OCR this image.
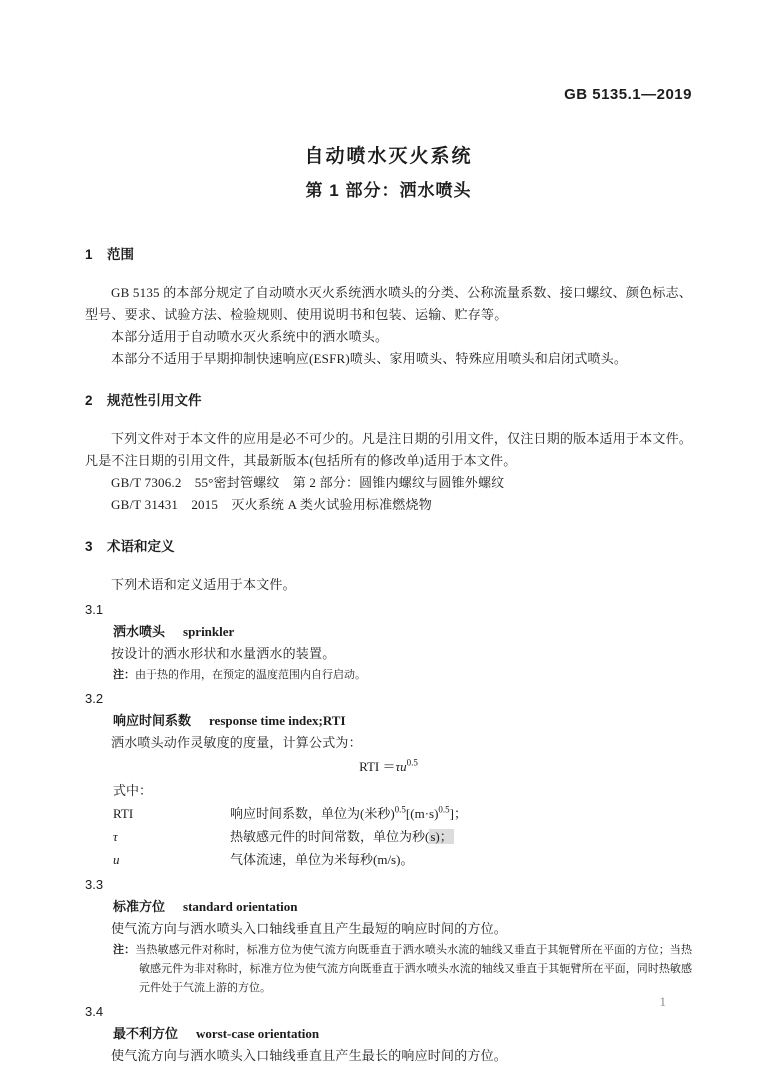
GB 5135.1—2019
自动喷水灭火系统
第 1 部分：洒水喷头
1 范围

GB 5135 的本部分规定了自动喷水灭火系统洒水喷头的分类、公称流量系数、接口螺纹、颜色标志、型号、要求、试验方法、检验规则、使用说明书和包装、运输、贮存等。

本部分适用于自动喷水灭火系统中的洒水喷头。

本部分不适用于早期抑制快速响应(ESFR)喷头、家用喷头、特殊应用喷头和启闭式喷头。

2 规范性引用文件

下列文件对于本文件的应用是必不可少的。凡是注日期的引用文件，仅注日期的版本适用于本文件。凡是不注日期的引用文件，其最新版本(包括所有的修改单)适用于本文件。

GB/T 7306.2　55°密封管螺纹　第 2 部分：圆锥内螺纹与圆锥外螺纹

GB/T 31431　2015　灭火系统 A 类火试验用标准燃烧物

3 术语和定义

下列术语和定义适用于本文件。

3.1
洒水喷头 sprinkler

按设计的洒水形状和水量洒水的装置。

注：由于热的作用，在预定的温度范围内自行启动。
3.2
响应时间系数 response time index;RTI

洒水喷头动作灵敏度的度量，计算公式为：

RTI $=\tau u^{0.5}$
式中：
RTI	响应时间系数，单位为(米秒)$^{0.5}[(m\cdot s)^{0.5}]$；
τ	热敏感元件的时间常数，单位为秒(s)；
u	气体流速，单位为米每秒(m/s)。
3.3
标准方位 standard orientation

使气流方向与洒水喷头入口轴线垂直且产生最短的响应时间的方位。

注：当热敏感元件对称时，标准方位为使气流方向既垂直于洒水喷头水流的轴线又垂直于其轭臂所在平面的方位；当热敏感元件为非对称时，标准方位为使气流方向既垂直于洒水喷头水流的轴线又垂直于其轭臂所在平面，同时热敏感元件处于气流上游的方位。
3.4
最不利方位 worst-case orientation

使气流方向与洒水喷头入口轴线垂直且产生最长的响应时间的方位。

1
